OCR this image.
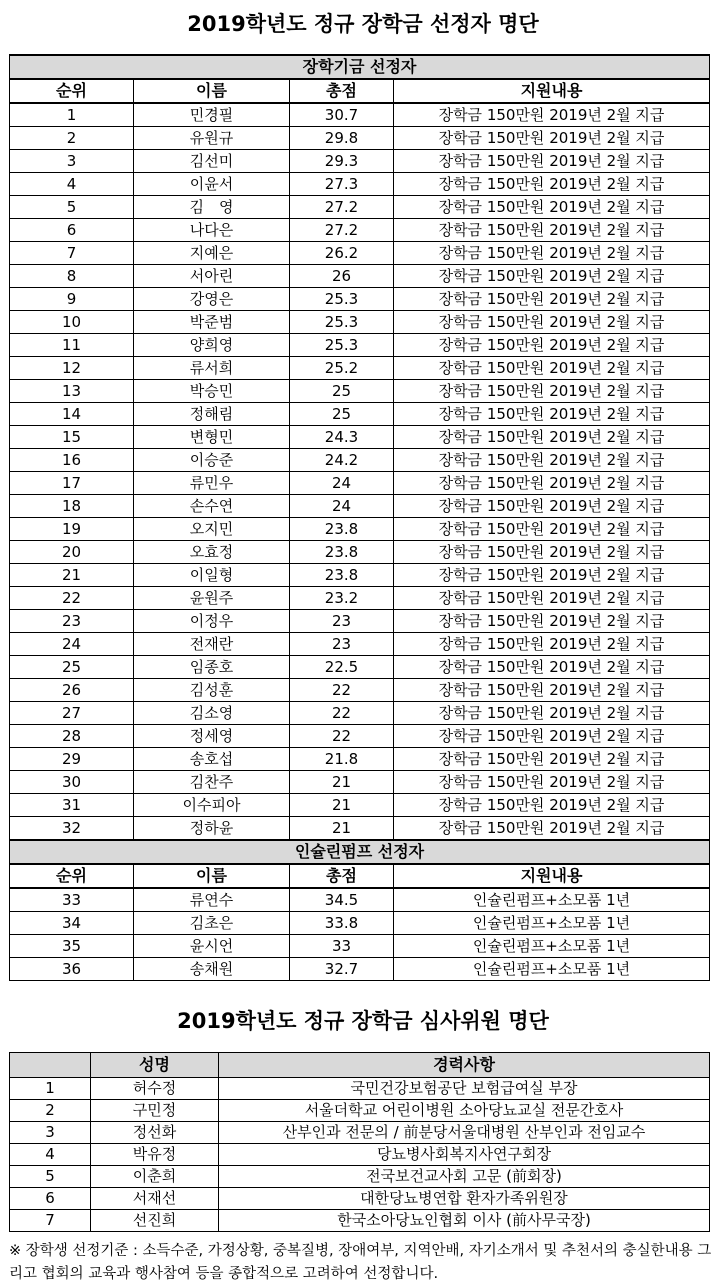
2019학년도 정규 장학금 선정자 명단
장학기금 선정자			
순위	이름	총점	지원내용
1	민경필	30.7	장학금 150만원 2019년 2월 지급
2	유원규	29.8	장학금 150만원 2019년 2월 지급
3	김선미	29.3	장학금 150만원 2019년 2월 지급
4	이윤서	27.3	장학금 150만원 2019년 2월 지급
5	김　영	27.2	장학금 150만원 2019년 2월 지급
6	나다은	27.2	장학금 150만원 2019년 2월 지급
7	지예은	26.2	장학금 150만원 2019년 2월 지급
8	서아린	26	장학금 150만원 2019년 2월 지급
9	강영은	25.3	장학금 150만원 2019년 2월 지급
10	박준범	25.3	장학금 150만원 2019년 2월 지급
11	양희영	25.3	장학금 150만원 2019년 2월 지급
12	류서희	25.2	장학금 150만원 2019년 2월 지급
13	박승민	25	장학금 150만원 2019년 2월 지급
14	정해림	25	장학금 150만원 2019년 2월 지급
15	변형민	24.3	장학금 150만원 2019년 2월 지급
16	이승준	24.2	장학금 150만원 2019년 2월 지급
17	류민우	24	장학금 150만원 2019년 2월 지급
18	손수연	24	장학금 150만원 2019년 2월 지급
19	오지민	23.8	장학금 150만원 2019년 2월 지급
20	오효정	23.8	장학금 150만원 2019년 2월 지급
21	이일형	23.8	장학금 150만원 2019년 2월 지급
22	윤원주	23.2	장학금 150만원 2019년 2월 지급
23	이정우	23	장학금 150만원 2019년 2월 지급
24	전재란	23	장학금 150만원 2019년 2월 지급
25	임종호	22.5	장학금 150만원 2019년 2월 지급
26	김성훈	22	장학금 150만원 2019년 2월 지급
27	김소영	22	장학금 150만원 2019년 2월 지급
28	정세영	22	장학금 150만원 2019년 2월 지급
29	송호섭	21.8	장학금 150만원 2019년 2월 지급
30	김찬주	21	장학금 150만원 2019년 2월 지급
31	이수피아	21	장학금 150만원 2019년 2월 지급
32	정하윤	21	장학금 150만원 2019년 2월 지급
인슐린펌프 선정자			
순위	이름	총점	지원내용
33	류연수	34.5	인슐린펌프+소모품 1년
34	김초은	33.8	인슐린펌프+소모품 1년
35	윤시언	33	인슐린펌프+소모품 1년
36	송채원	32.7	인슐린펌프+소모품 1년
2019학년도 정규 장학금 심사위원 명단
	성명	경력사항
1	허수정	국민건강보험공단 보험급여실 부장
2	구민정	서울더학교 어린이병원 소아당뇨교실 전문간호사
3	정선화	산부인과 전문의 / 前분당서울대병원 산부인과 전임교수
4	박유정	당뇨병사회복지사연구회장
5	이춘희	전국보건교사회 고문 (前회장)
6	서재선	대한당뇨병연합 환자가족위원장
7	선진희	한국소아당뇨인협회 이사 (前사무국장)
※ 장학생 선정기준 : 소득수준, 가정상황, 중복질병, 장애여부, 지역안배, 자기소개서 및 추천서의 충실한내용 그리고 협회의 교육과 행사참여 등을 종합적으로 고려하여 선정합니다.
